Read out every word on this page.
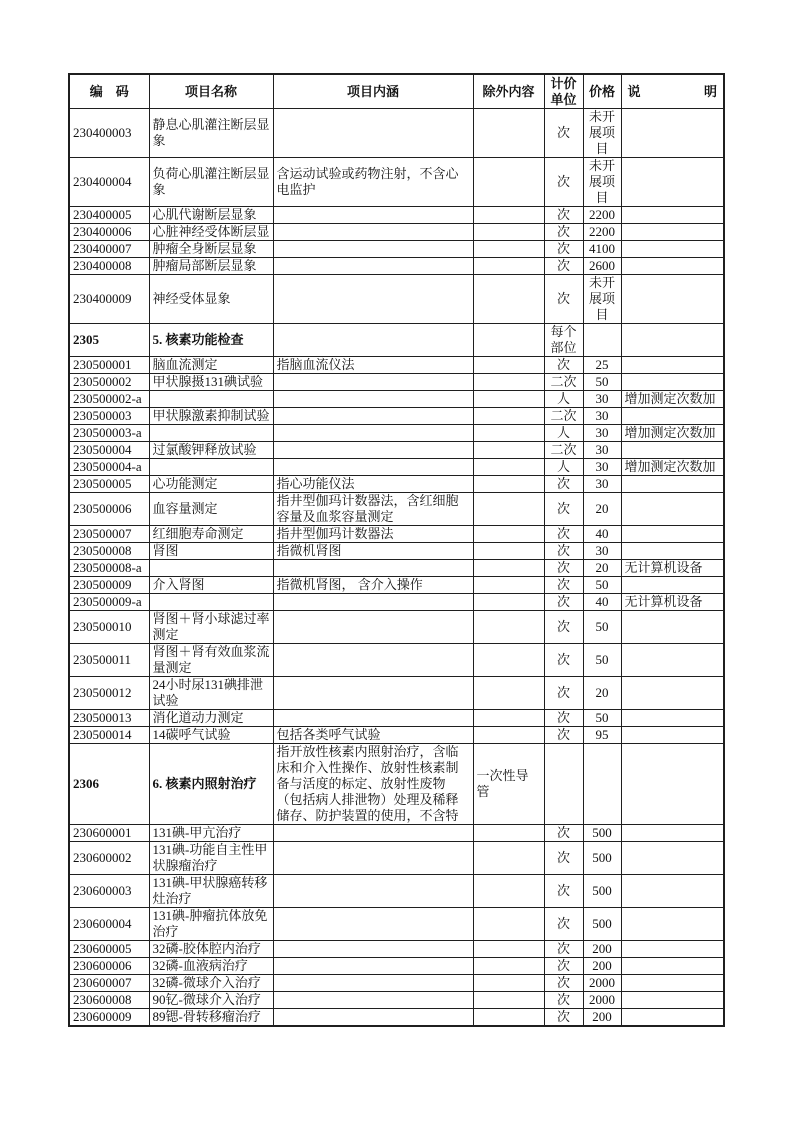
编　码	项目名称	项目内涵	除外内容	计价单位	价格	说 明
230400003	静息心肌灌注断层显象			次	未开展项目	
230400004	负荷心肌灌注断层显象	含运动试验或药物注射，不含心电监护		次	未开展项目	
230400005	心肌代谢断层显象			次	2200	
230400006	心脏神经受体断层显			次	2200	
230400007	肿瘤全身断层显象			次	4100	
230400008	肿瘤局部断层显象			次	2600	
230400009	神经受体显象			次	未开展项目	
2305	5. 核素功能检查			每个部位		
230500001	脑血流测定	指脑血流仪法		次	25	
230500002	甲状腺摄131碘试验			二次	50	
230500002-a				人	30	增加测定次数加
230500003	甲状腺激素抑制试验			二次	30	
230500003-a				人	30	增加测定次数加
230500004	过氯酸钾释放试验			二次	30	
230500004-a				人	30	增加测定次数加
230500005	心功能测定	指心功能仪法		次	30	
230500006	血容量测定	指井型伽玛计数器法，含红细胞容量及血浆容量测定		次	20	
230500007	红细胞寿命测定	指井型伽玛计数器法		次	40	
230500008	肾图	指微机肾图		次	30	
230500008-a				次	20	无计算机设备
230500009	介入肾图	指微机肾图， 含介入操作		次	50	
230500009-a				次	40	无计算机设备
230500010	肾图＋肾小球滤过率测定			次	50	
230500011	肾图＋肾有效血浆流量测定			次	50	
230500012	24小时尿131碘排泄试验			次	20	
230500013	消化道动力测定			次	50	
230500014	14碳呼气试验	包括各类呼气试验		次	95	
2306	6. 核素内照射治疗	指开放性核素内照射治疗，含临床和介入性操作、放射性核素制备与活度的标定、放射性废物（包括病人排泄物）处理及稀释储存、防护装置的使用，不含特	一次性导管			
230600001	131碘-甲亢治疗			次	500	
230600002	131碘-功能自主性甲状腺瘤治疗			次	500	
230600003	131碘-甲状腺癌转移灶治疗			次	500	
230600004	131碘-肿瘤抗体放免治疗			次	500	
230600005	32磷-胶体腔内治疗			次	200	
230600006	32磷-血液病治疗			次	200	
230600007	32磷-微球介入治疗			次	2000	
230600008	90钇-微球介入治疗			次	2000	
230600009	89锶-骨转移瘤治疗			次	200	
